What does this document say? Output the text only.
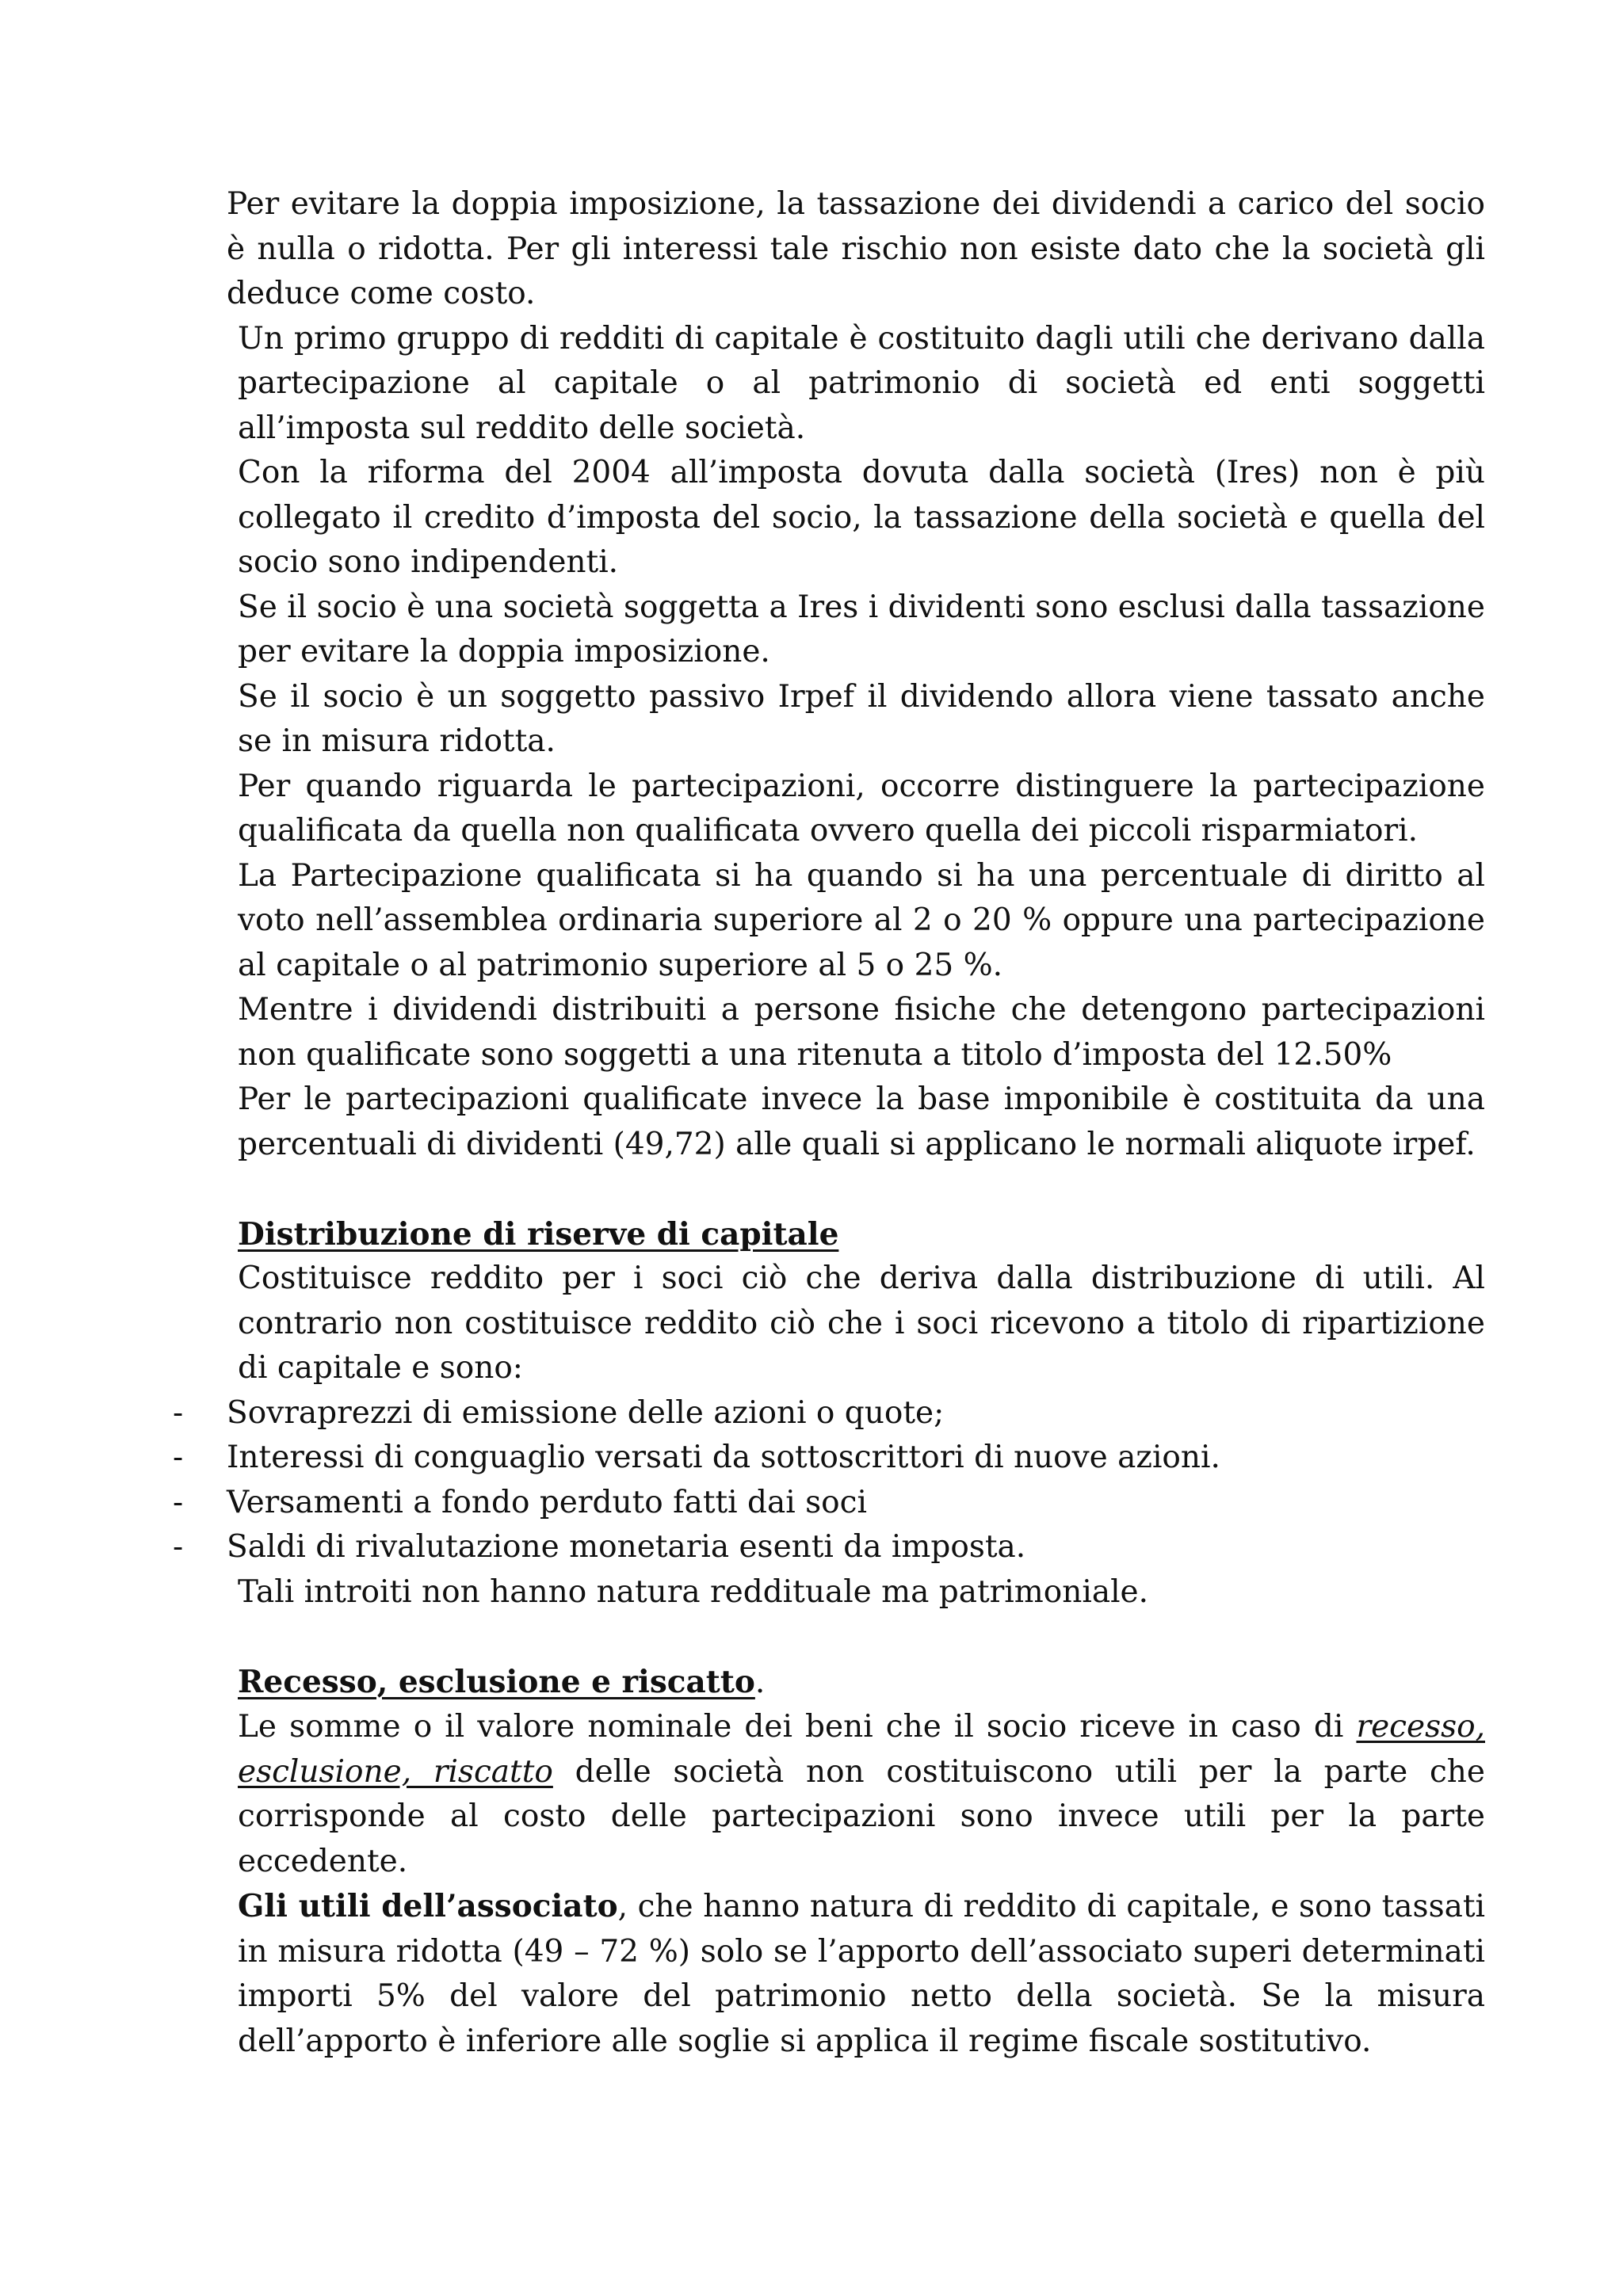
Per evitare la doppia imposizione, la tassazione dei dividendi a carico del socio è nulla o ridotta. Per gli interessi tale rischio non esiste dato che la società gli deduce come costo.

Un primo gruppo di redditi di capitale è costituito dagli utili che derivano dalla partecipazione al capitale o al patrimonio di società ed enti soggetti all’imposta sul reddito delle società.

Con la riforma del 2004 all’imposta dovuta dalla società (Ires) non è più collegato il credito d’imposta del socio, la tassazione della società e quella del socio sono indipendenti.

Se il socio è una società soggetta a Ires i dividenti sono esclusi dalla tassazione per evitare la doppia imposizione.

Se il socio è un soggetto passivo Irpef il dividendo allora viene tassato anche se in misura ridotta.

Per quando riguarda le partecipazioni, occorre distinguere la partecipazione qualificata da quella non qualificata ovvero quella dei piccoli risparmiatori.

La Partecipazione qualificata si ha quando si ha una percentuale di diritto al voto nell’assemblea ordinaria superiore al 2 o 20 % oppure una partecipazione al capitale o al patrimonio superiore al 5 o 25 %.

Mentre i dividendi distribuiti a persone fisiche che detengono partecipazioni non qualificate sono soggetti a una ritenuta a titolo d’imposta del 12.50%

Per le partecipazioni qualificate invece la base imponibile è costituita da una percentuali di dividenti (49,72) alle quali si applicano le normali aliquote irpef.

Distribuzione di riserve di capitale

Costituisce reddito per i soci ciò che deriva dalla distribuzione di utili. Al contrario non costituisce reddito ciò che i soci ricevono a titolo di ripartizione di capitale e sono:

- Sovraprezzi di emissione delle azioni o quote;
- Interessi di conguaglio versati da sottoscrittori di nuove azioni.
- Versamenti a fondo perduto fatti dai soci
- Saldi di rivalutazione monetaria esenti da imposta.

Tali introiti non hanno natura reddituale ma patrimoniale.

Recesso, esclusione e riscatto.

Le somme o il valore nominale dei beni che il socio riceve in caso di recesso, esclusione, riscatto delle società non costituiscono utili per la parte che corrisponde al costo delle partecipazioni sono invece utili per la parte eccedente.

Gli utili dell’associato, che hanno natura di reddito di capitale, e sono tassati in misura ridotta (49 – 72 %) solo se l’apporto dell’associato superi determinati importi 5% del valore del patrimonio netto della società. Se la misura dell’apporto è inferiore alle soglie si applica il regime fiscale sostitutivo.
